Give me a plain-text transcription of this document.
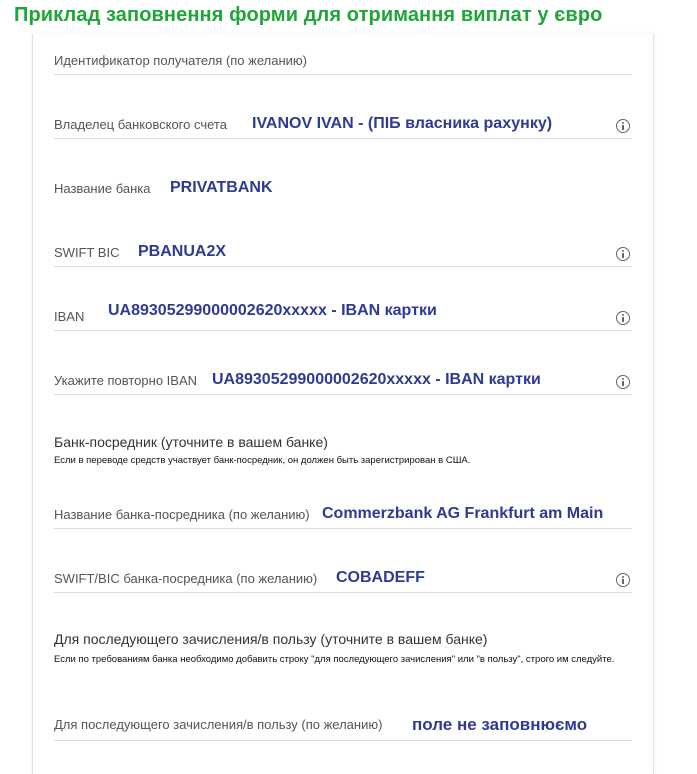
Приклад заповнення форми для отримання виплат у євро
Идентификатор получателя (по желанию)
Владелец банковского счета IVANOV IVAN - (ПІБ власника рахунку)
Название банка PRIVATBANK
SWIFT BIC PBANUA2X
IBAN UA89305299000002620xxxxx - IBAN картки
Укажите повторно IBAN UA89305299000002620xxxxx - IBAN картки
Банк-посредник (уточните в вашем банке)
Если в переводе средств участвует банк-посредник, он должен быть зарегистрирован в США.
Название банка-посредника (по желанию) Commerzbank AG Frankfurt am Main
SWIFT/BIC банка-посредника (по желанию) COBADEFF
Для последующего зачисления/в пользу (уточните в вашем банке)
Если по требованиям банка необходимо добавить строку "для последующего зачисления" или "в пользу", строго им следуйте.
Для последующего зачисления/в пользу (по желанию) поле не заповнюємо
